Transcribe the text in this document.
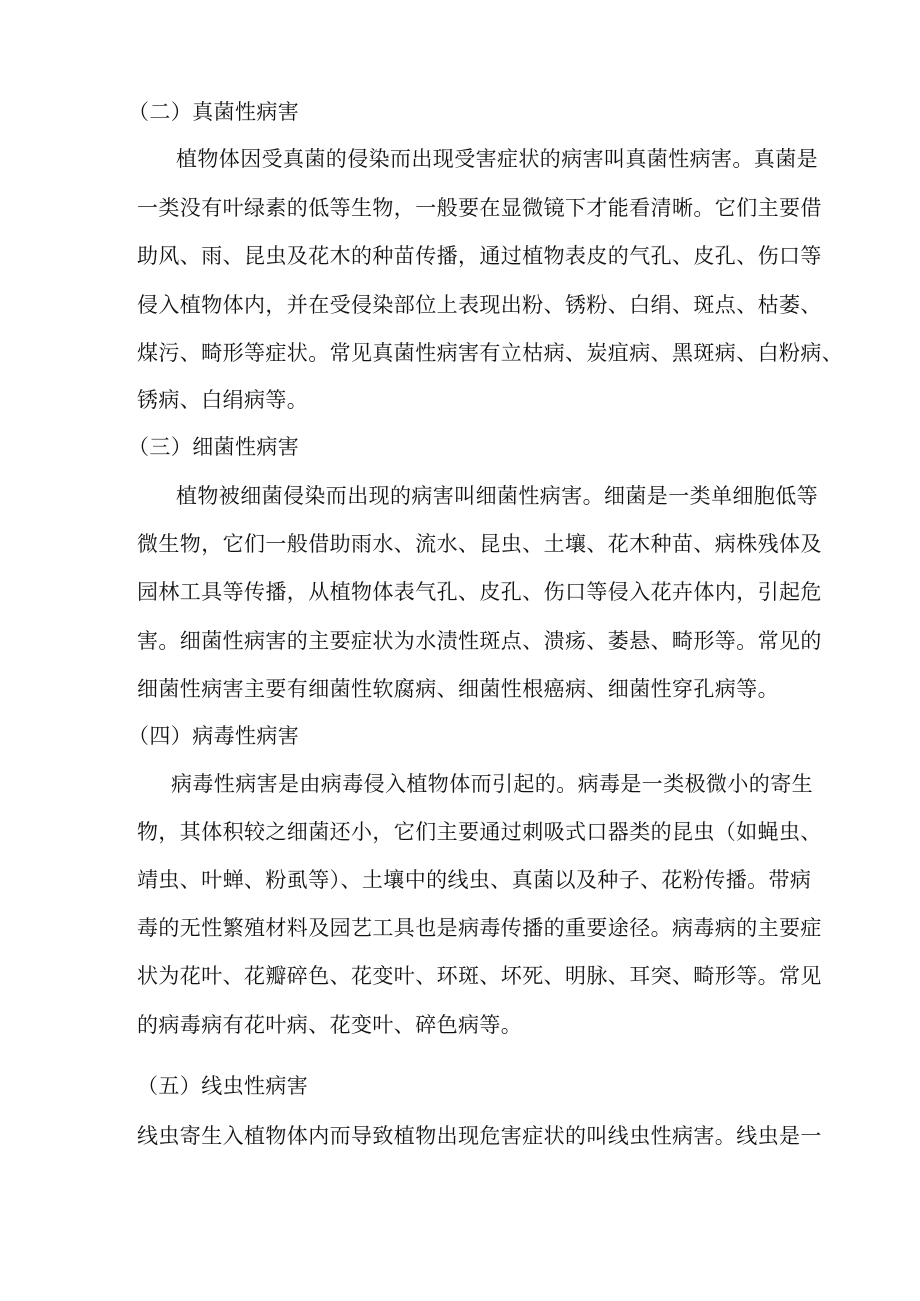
（二）真菌性病害
植物体因受真菌的侵染而出现受害症状的病害叫真菌性病害。真菌是
一类没有叶绿素的低等生物，一般要在显微镜下才能看清晰。它们主要借
助风、雨、昆虫及花木的种苗传播，通过植物表皮的气孔、皮孔、伤口等
侵入植物体内，并在受侵染部位上表现出粉、锈粉、白绢、斑点、枯萎、
煤污、畸形等症状。常见真菌性病害有立枯病、炭疽病、黑斑病、白粉病、
锈病、白绢病等。
（三）细菌性病害
植物被细菌侵染而出现的病害叫细菌性病害。细菌是一类单细胞低等
微生物，它们一般借助雨水、流水、昆虫、土壤、花木种苗、病株残体及
园林工具等传播，从植物体表气孔、皮孔、伤口等侵入花卉体内，引起危
害。细菌性病害的主要症状为水渍性斑点、溃疡、萎悬、畸形等。常见的
细菌性病害主要有细菌性软腐病、细菌性根癌病、细菌性穿孔病等。
（四）病毒性病害
病毒性病害是由病毒侵入植物体而引起的。病毒是一类极微小的寄生
物，其体积较之细菌还小，它们主要通过刺吸式口器类的昆虫（如蝇虫、
靖虫、叶蝉、粉虱等）、土壤中的线虫、真菌以及种子、花粉传播。带病
毒的无性繁殖材料及园艺工具也是病毒传播的重要途径。病毒病的主要症
状为花叶、花瓣碎色、花变叶、环斑、坏死、明脉、耳突、畸形等。常见
的病毒病有花叶病、花变叶、碎色病等。
（五）线虫性病害
线虫寄生入植物体内而导致植物出现危害症状的叫线虫性病害。线虫是一
